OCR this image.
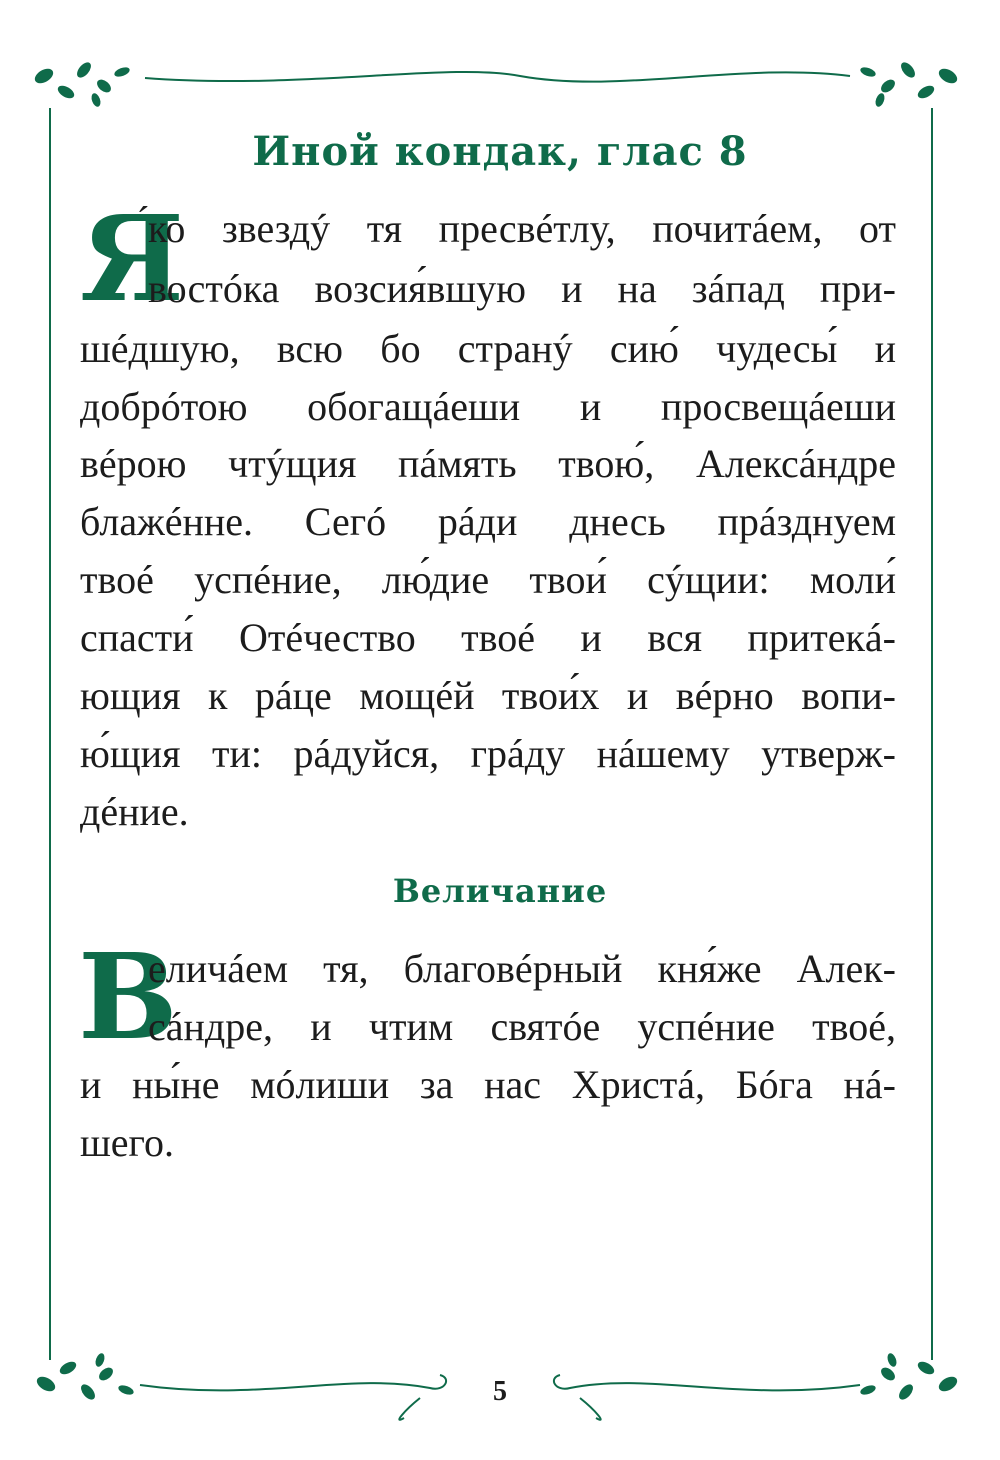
Иной кондак, глас 8
Я
́ко звездý тя пресвéтлу, почитáем, от
востóка возсия́вшую и на зáпад при-
шéдшую, всю бо странý сию́ чудесы́ и
добрóтою обогащáеши и просвещáеши
вéрою чтýщия пáмять твою́, Алексáндре
блажéнне. Сегó рáди днесь прáзднуем
твоé успéние, лю́дие твои́ сýщии: моли́
спасти́ Отéчество твоé и вся притекá-
ющия к рáце мощéй твои́х и вéрно вопи-
ю́щия ти: рáдуйся, грáду нáшему утверж-
дéние.
Величание
В
еличáем тя, благовéрный кня́же Алек-
сáндре, и чтим святóе успéние твоé,
и ны́не мóлиши за нас Христá, Бóга нá-
шего.
5
